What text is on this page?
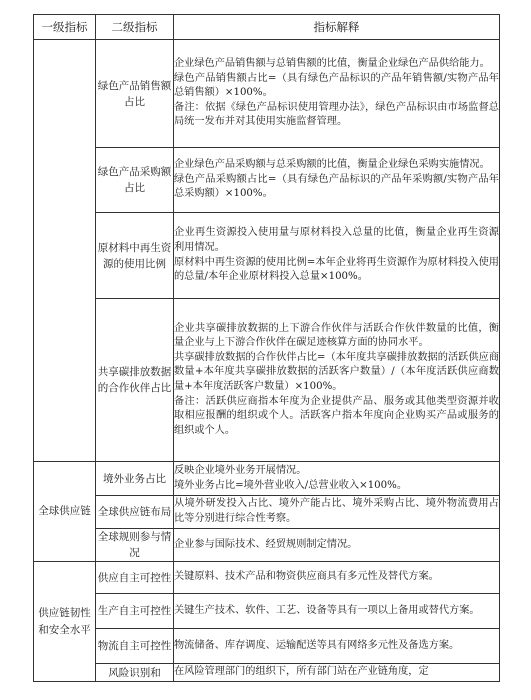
一级指标	二级指标	指标解释
	绿色产品销售额占比	企业绿色产品销售额与总销售额的比值，衡量企业绿色产品供给能力。

绿色产品销售额占比=（具有绿色产品标识的产品年销售额/实物产品年总销售额）×100%。

备注：依据《绿色产品标识使用管理办法》，绿色产品标识由市场监督总局统一发布并对其使用实施监督管理。

	绿色产品采购额占比	企业绿色产品采购额与总采购额的比值，衡量企业绿色采购实施情况。

绿色产品采购额占比=（具有绿色产品标识的产品年采购额/实物产品年总采购额）×100%。

	原材料中再生资源的使用比例	企业再生资源投入使用量与原材料投入总量的比值，衡量企业再生资源利用情况。

原材料中再生资源的使用比例=本年企业将再生资源作为原材料投入使用的总量/本年企业原材料投入总量×100%。

	共享碳排放数据的合作伙伴占比	企业共享碳排放数据的上下游合作伙伴与活跃合作伙伴数量的比值，衡量企业与上下游合作伙伴在碳足迹核算方面的协同水平。

共享碳排放数据的合作伙伴占比=（本年度共享碳排放数据的活跃供应商数量+本年度共享碳排放数据的活跃客户数量）/（本年度活跃供应商数量+本年度活跃客户数量）×100%。

备注：活跃供应商指本年度为企业提供产品、服务或其他类型资源并收取相应报酬的组织或个人。活跃客户指本年度向企业购买产品或服务的组织或个人。

全球供应链	境外业务占比	反映企业境外业务开展情况。

境外业务占比=境外营业收入/总营业收入×100%。

	全球供应链布局	从境外研发投入占比、境外产能占比、境外采购占比、境外物流费用占比等分别进行综合性考察。

	全球规则参与情况	企业参与国际技术、经贸规则制定情况。

供应链韧性和安全水平	供应自主可控性	关键原料、技术产品和物资供应商具有多元性及替代方案。

	生产自主可控性	关键生产技术、软件、工艺、设备等具有一项以上备用或替代方案。

	物流自主可控性	物流储备、库存调度、运输配送等具有网络多元性及备选方案。

	风险识别和	在风险管理部门的组织下，所有部门站在产业链角度，定
